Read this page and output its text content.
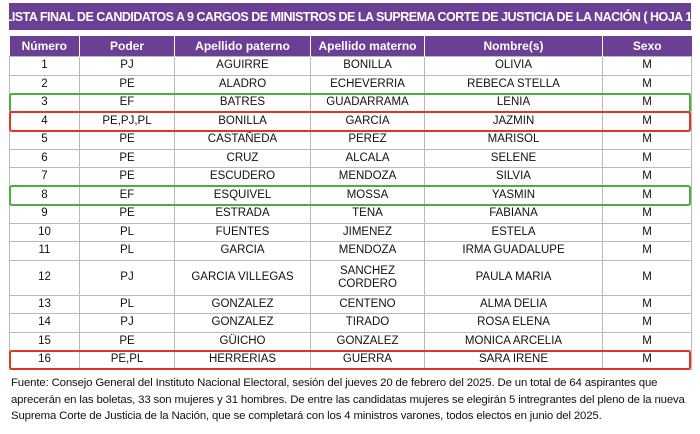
LISTA FINAL DE CANDIDATOS A 9 CARGOS DE MINISTROS DE LA SUPREMA CORTE DE JUSTICIA DE LA NACIÓN ( HOJA 1)
Número	Poder	Apellido paterno	Apellido materno	Nombre(s)	Sexo
1	PJ	AGUIRRE	BONILLA	OLIVIA	M
2	PE	ALADRO	ECHEVERRIA	REBECA STELLA	M
3	EF	BATRES	GUADARRAMA	LENIA	M
4	PE,PJ,PL	BONILLA	GARCIA	JAZMIN	M
5	PE	CASTAÑEDA	PEREZ	MARISOL	M
6	PE	CRUZ	ALCALA	SELENE	M
7	PE	ESCUDERO	MENDOZA	SILVIA	M
8	EF	ESQUIVEL	MOSSA	YASMIN	M
9	PE	ESTRADA	TENA	FABIANA	M
10	PL	FUENTES	JIMENEZ	ESTELA	M
11	PL	GARCIA	MENDOZA	IRMA GUADALUPE	M
12	PJ	GARCIA VILLEGAS	SANCHEZ CORDERO	PAULA MARIA	M
13	PL	GONZALEZ	CENTENO	ALMA DELIA	M
14	PJ	GONZALEZ	TIRADO	ROSA ELENA	M
15	PE	GÜICHO	GONZALEZ	MONICA ARCELIA	M
16	PE,PL	HERRERIAS	GUERRA	SARA IRENE	M
Fuente: Consejo General del Instituto Nacional Electoral, sesión del jueves 20 de febrero del 2025. De un total de 64 aspirantes que aprecerán en las boletas, 33 son mujeres y 31 hombres. De entre las candidatas mujeres se elegirán 5 intregrantes del pleno de la nueva Suprema Corte de Justicia de la Nación, que se completará con los 4 ministros varones, todos electos en junio del 2025.
